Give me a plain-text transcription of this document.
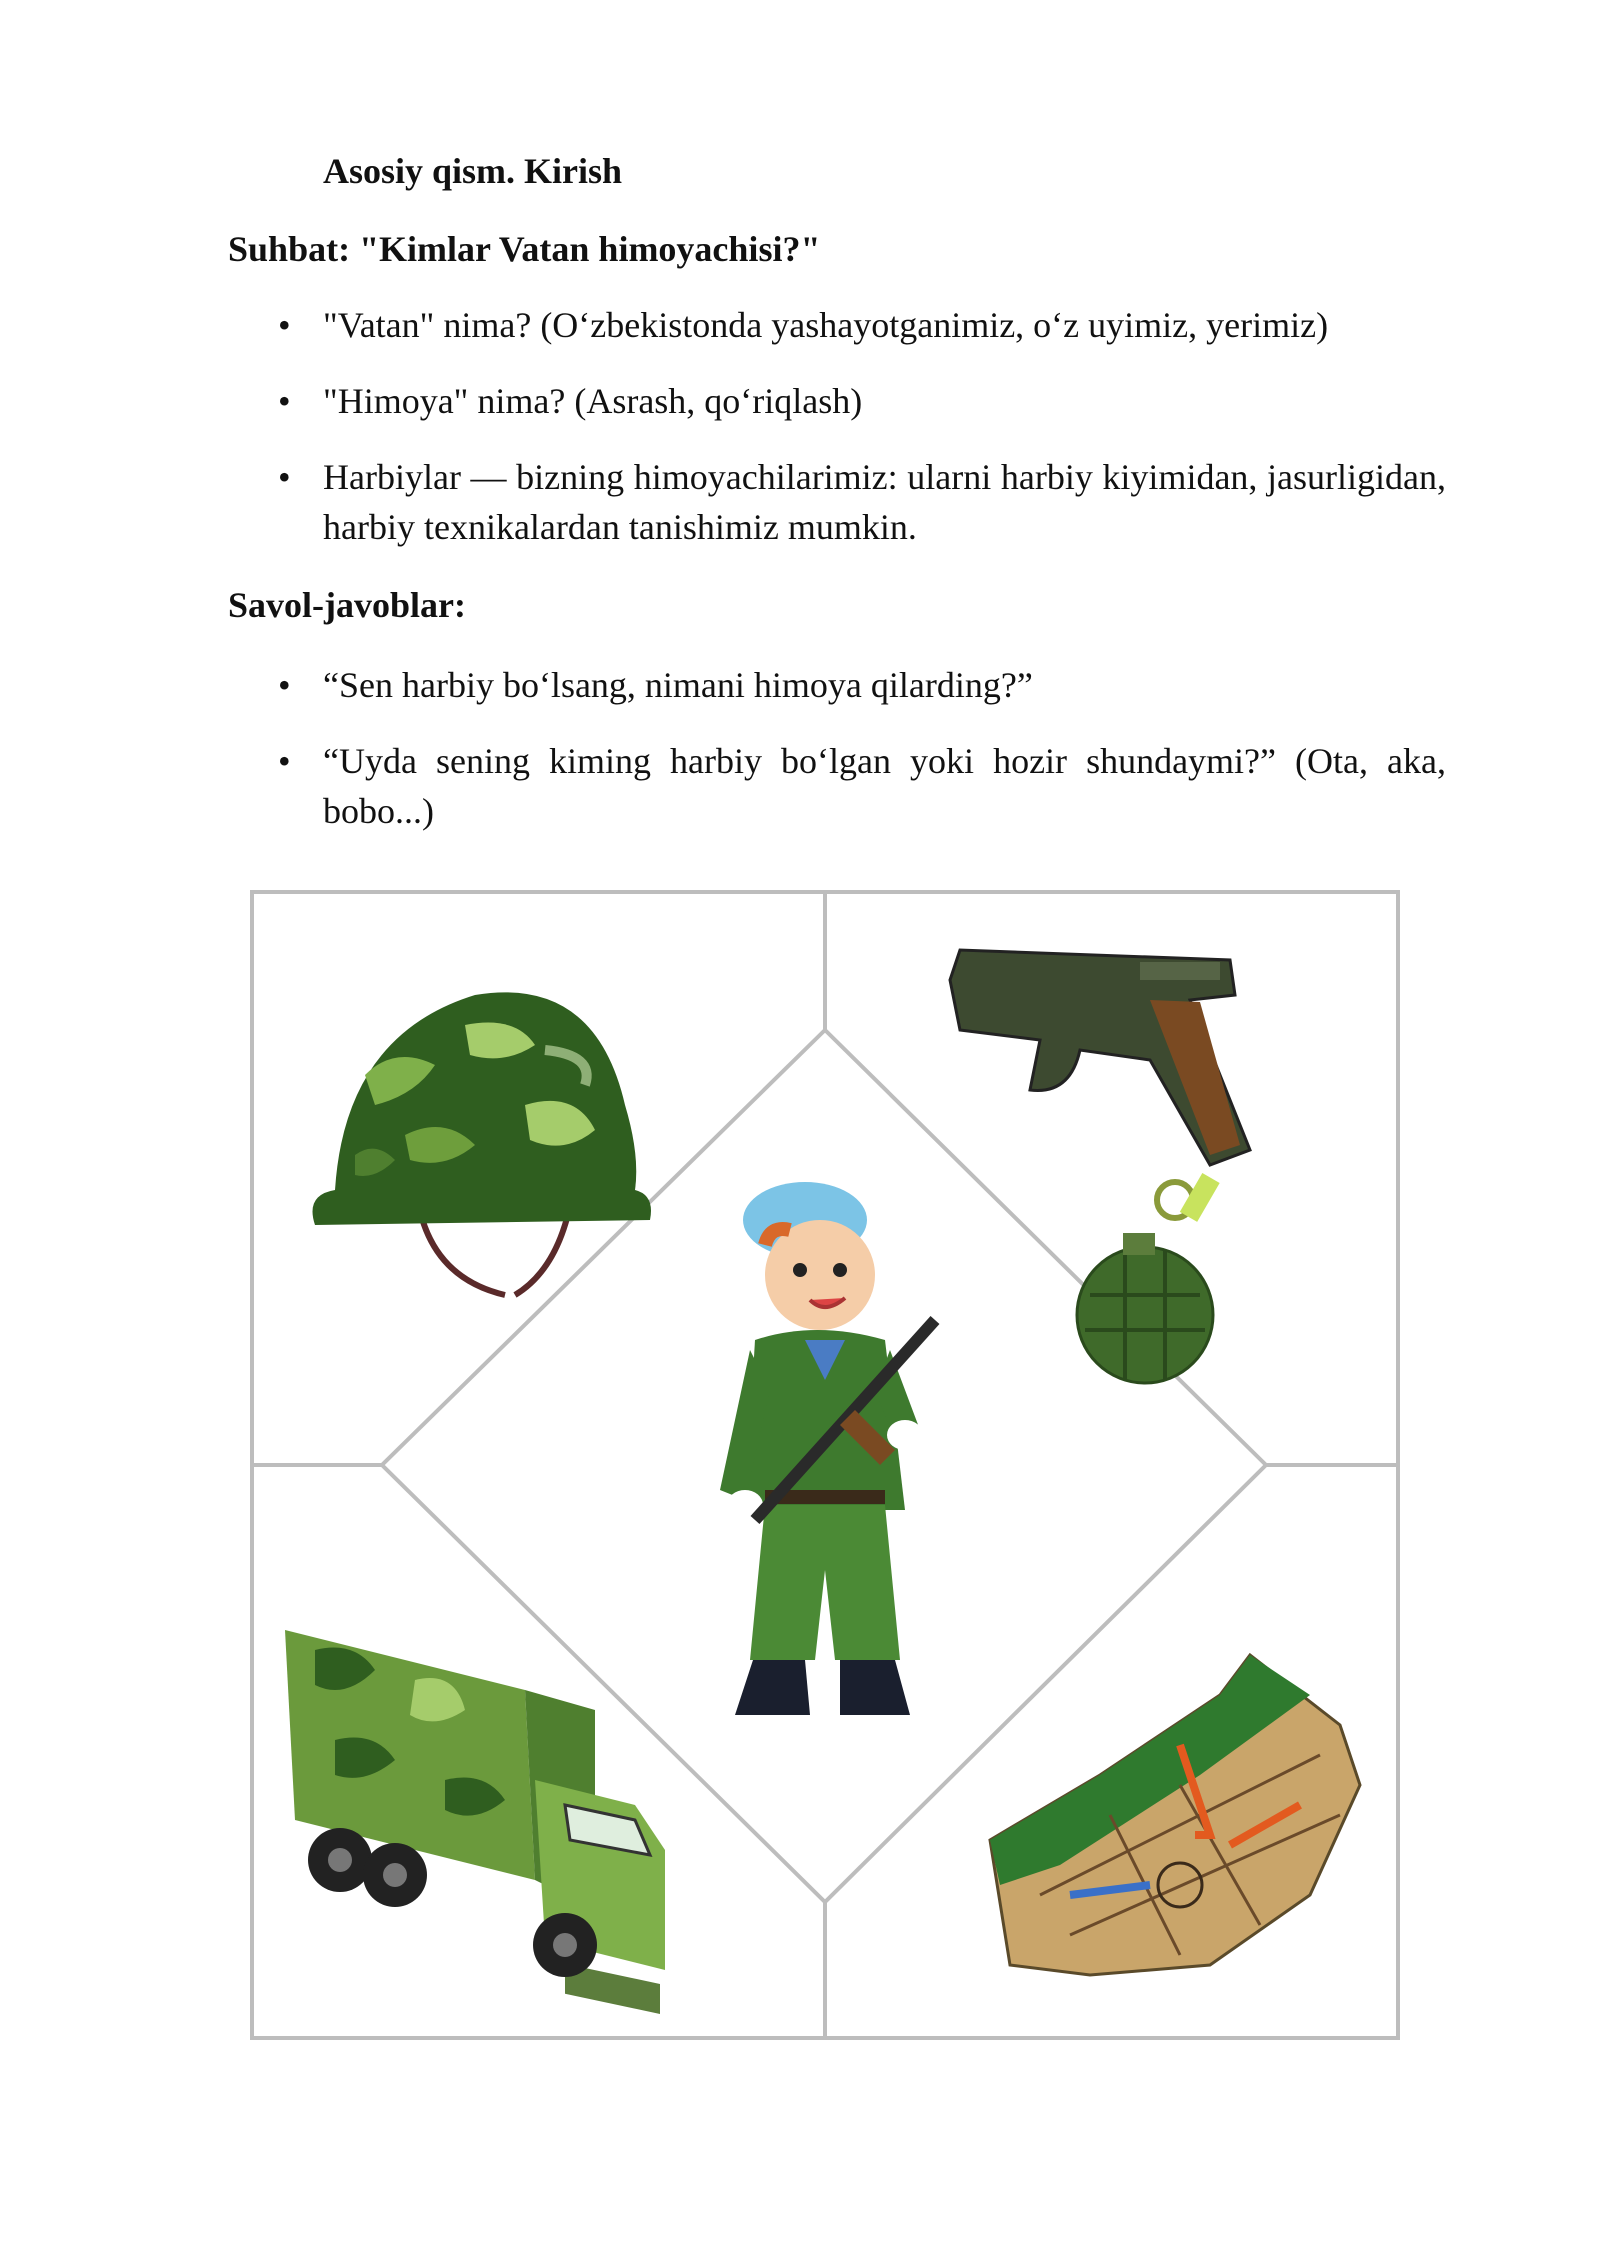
Asosiy qism. Kirish
Suhbat: "Kimlar Vatan himoyachisi?"
• "Vatan" nima? (O‘zbekistonda yashayotganimiz, o‘z uyimiz, yerimiz)
• "Himoya" nima? (Asrash, qo‘riqlash)
• Harbiylar — bizning himoyachilarimiz: ularni harbiy kiyimidan, jasurligidan, harbiy texnikalardan tanishimiz mumkin.
Savol-javoblar:
• “Sen harbiy bo‘lsang, nimani himoya qilarding?”
• “Uyda sening kiming harbiy bo‘lgan yoki hozir shundaymi?” (Ota, aka, bobo...)
